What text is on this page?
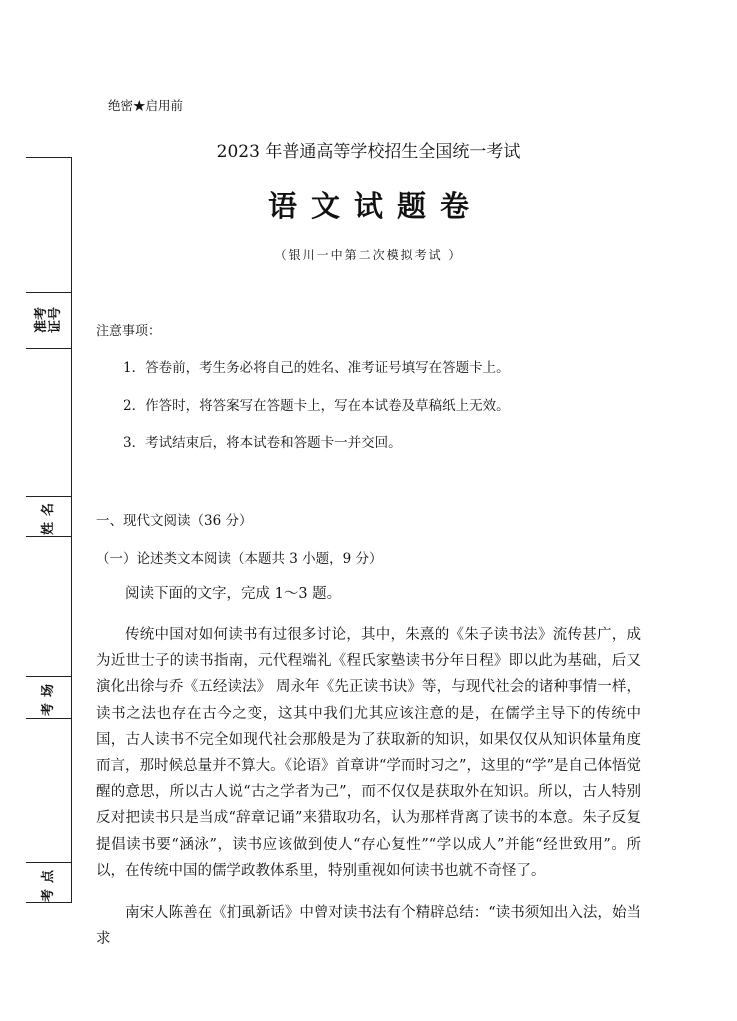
绝密★启用前
2023 年普通高等学校招生全国统一考试
语文试题卷
（银川一中第二次模拟考试 ）
准考证号
姓名
考场
考点
注意事项：
1．答卷前，考生务必将自己的姓名、准考证号填写在答题卡上。
2．作答时，将答案写在答题卡上，写在本试卷及草稿纸上无效。
3．考试结束后，将本试卷和答题卡一并交回。
一、现代文阅读（36 分）
（一）论述类文本阅读（本题共 3 小题，9 分）
阅读下面的文字，完成 1～3 题。
传统中国对如何读书有过很多讨论，其中，朱熹的《朱子读书法》流传甚广，成为近世士子的读书指南，元代程端礼《程氏家塾读书分年日程》即以此为基础，后又演化出徐与乔《五经读法》 周永年《先正读书诀》等，与现代社会的诸种事情一样，读书之法也存在古今之变，这其中我们尤其应该注意的是，在儒学主导下的传统中国，古人读书不完全如现代社会那般是为了获取新的知识，如果仅仅从知识体量角度而言，那时候总量并不算大。《论语》首章讲“学而时习之”，这里的“学”是自己体悟觉醒的意思，所以古人说“古之学者为己”，而不仅仅是获取外在知识。所以，古人特别反对把读书只是当成“辞章记诵”来猎取功名，认为那样背离了读书的本意。朱子反复提倡读书要“涵泳”，读书应该做到使人“存心复性”“学以成人”并能“经世致用”。所以，在传统中国的儒学政教体系里，特别重视如何读书也就不奇怪了。
南宋人陈善在《扪虱新话》中曾对读书法有个精辟总结：“读书须知出入法，始当求
